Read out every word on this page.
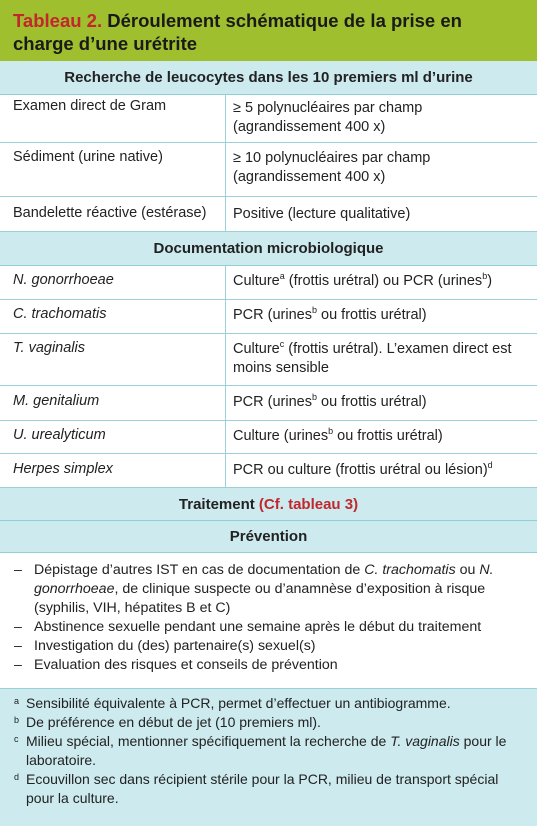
Tableau 2. Déroulement schématique de la prise en charge d’une urétrite
Recherche de leucocytes dans les 10 premiers ml d’urine
Examen direct de Gram	≥ 5 polynucléaires par champ (agrandissement 400 x)
Sédiment (urine native)	≥ 10 polynucléaires par champ (agrandissement 400 x)
Bandelette réactive (estérase)	Positive (lecture qualitative)
Documentation microbiologique
N. gonorrhoeae	Culture$^a$ (frottis urétral) ou PCR (urines$^b$)
C. trachomatis	PCR (urines$^b$ ou frottis urétral)
T. vaginalis	Culture$^c$ (frottis urétral). L’examen direct est moins sensible
M. genitalium	PCR (urines$^b$ ou frottis urétral)
U. urealyticum	Culture (urines$^b$ ou frottis urétral)
Herpes simplex	PCR ou culture (frottis urétral ou lésion)$^d$
Traitement (Cf. tableau 3)
Prévention
– Dépistage d’autres IST en cas de documentation de C. trachomatis ou N. gonorrhoeae, de clinique suspecte ou d’anamnèse d’exposition à risque (syphilis, VIH, hépatites B et C)
– Abstinence sexuelle pendant une semaine après le début du traitement
– Investigation du (des) partenaire(s) sexuel(s)
– Evaluation des risques et conseils de prévention
a Sensibilité équivalente à PCR, permet d’effectuer un antibiogramme.
b De préférence en début de jet (10 premiers ml).
c Milieu spécial, mentionner spécifiquement la recherche de T. vaginalis pour le laboratoire.
d Ecouvillon sec dans récipient stérile pour la PCR, milieu de transport spécial pour la culture.
